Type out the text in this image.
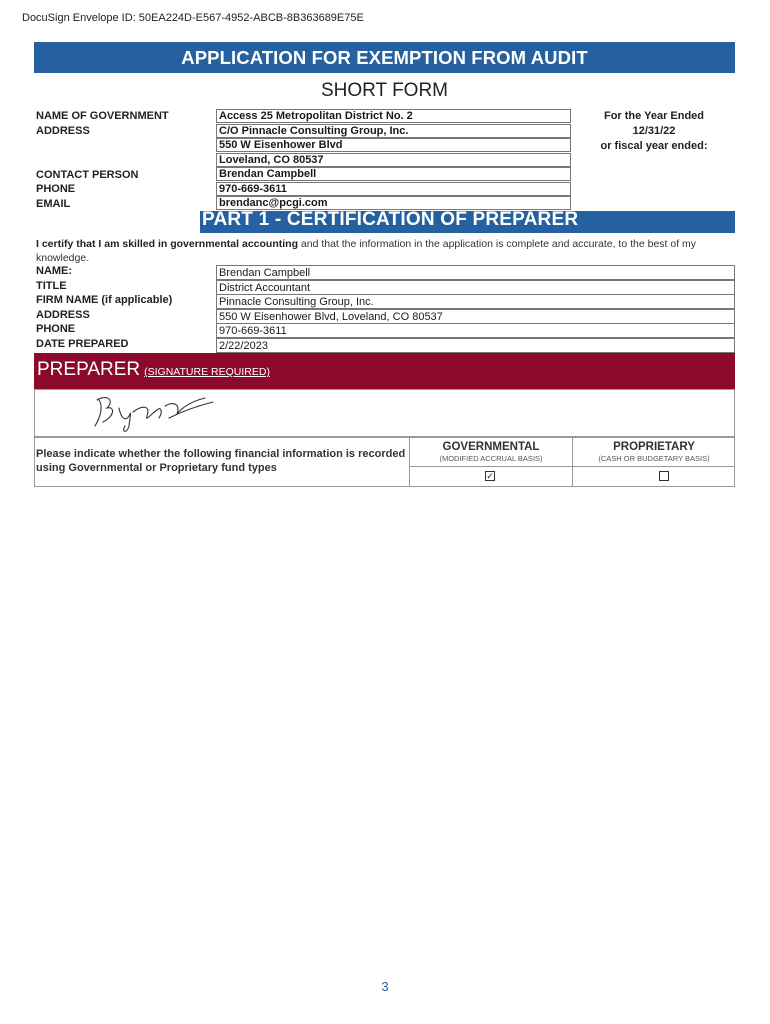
DocuSign Envelope ID: 50EA224D-E567-4952-ABCB-8B363689E75E
APPLICATION FOR EXEMPTION FROM AUDIT
SHORT FORM
NAME OF GOVERNMENT
ADDRESS
CONTACT PERSON
PHONE
EMAIL
Access 25 Metropolitan District No. 2
C/O Pinnacle Consulting Group, Inc.
550 W Eisenhower Blvd
Loveland, CO 80537
Brendan Campbell
970-669-3611
brendanc@pcgi.com
For the Year Ended
12/31/22
or fiscal year ended:
PART 1 - CERTIFICATION OF PREPARER
I certify that I am skilled in governmental accounting and that the information in the application is complete and accurate, to the best of my knowledge.
NAME:
TITLE
FIRM NAME (if applicable)
ADDRESS
PHONE
DATE PREPARED
Brendan Campbell
District Accountant
Pinnacle Consulting Group, Inc.
550 W Eisenhower Blvd, Loveland, CO 80537
970-669-3611
2/22/2023
PREPARER (SIGNATURE REQUIRED)
Please indicate whether the following financial information is recorded using Governmental or Proprietary fund types
GOVERNMENTAL
(MODIFIED ACCRUAL BASIS)
✓
PROPRIETARY
(CASH OR BUDGETARY BASIS)
3
